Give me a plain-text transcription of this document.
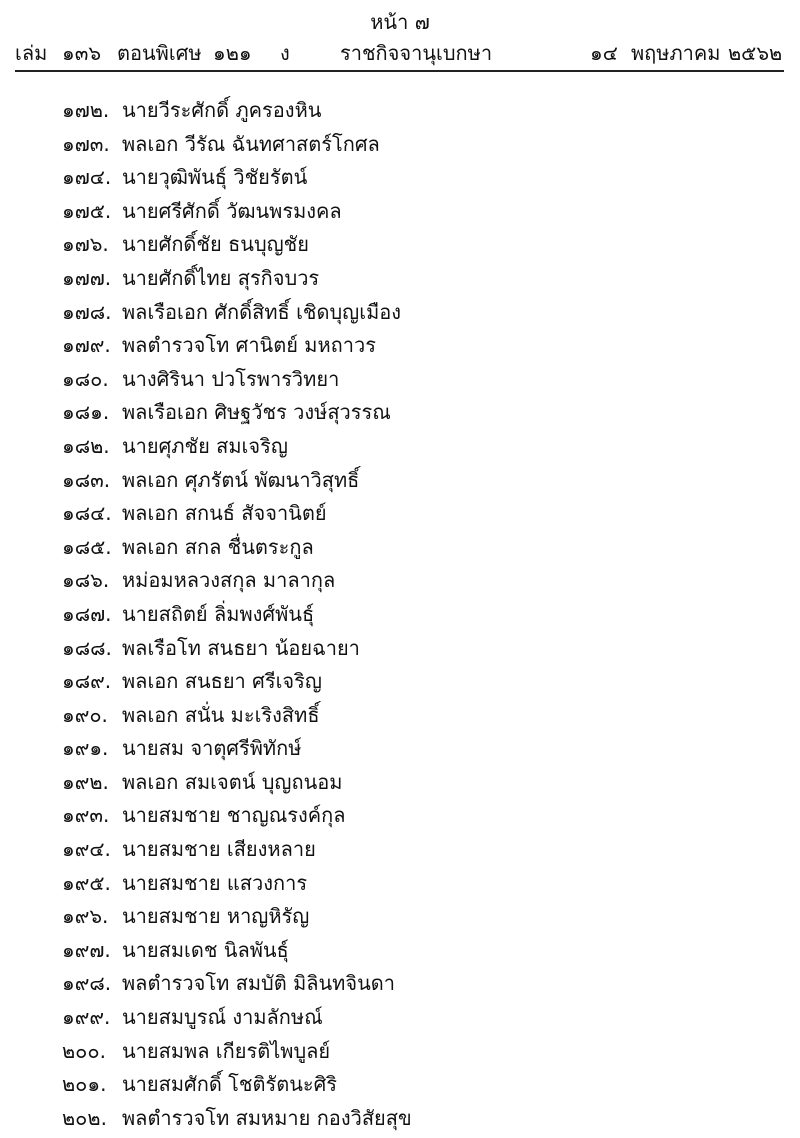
หน้า ๗
เล่ม ๑๓๖ ตอนพิเศษ ๑๒๑ ง	ราชกิจจานุเบกษา	๑๔ พฤษภาคม ๒๕๖๒
๑๗๒. นายวีระศักดิ์ ภูครองหิน
๑๗๓. พลเอก วีรัณ ฉันทศาสตร์โกศล
๑๗๔. นายวุฒิพันธุ์ วิชัยรัตน์
๑๗๕. นายศรีศักดิ์ วัฒนพรมงคล
๑๗๖. นายศักดิ์ชัย ธนบุญชัย
๑๗๗. นายศักดิ์ไทย สุรกิจบวร
๑๗๘. พลเรือเอก ศักดิ์สิทธิ์ เชิดบุญเมือง
๑๗๙. พลตำรวจโท ศานิตย์ มหถาวร
๑๘๐. นางศิรินา ปวโรพารวิทยา
๑๘๑. พลเรือเอก ศิษฐวัชร วงษ์สุวรรณ
๑๘๒. นายศุภชัย สมเจริญ
๑๘๓. พลเอก ศุภรัตน์ พัฒนาวิสุทธิ์
๑๘๔. พลเอก สกนธ์ สัจจานิตย์
๑๘๕. พลเอก สกล ชื่นตระกูล
๑๘๖. หม่อมหลวงสกุล มาลากุล
๑๘๗. นายสถิตย์ ลิ่มพงศ์พันธุ์
๑๘๘. พลเรือโท สนธยา น้อยฉายา
๑๘๙. พลเอก สนธยา ศรีเจริญ
๑๙๐. พลเอก สนั่น มะเริงสิทธิ์
๑๙๑. นายสม จาตุศรีพิทักษ์
๑๙๒. พลเอก สมเจตน์ บุญถนอม
๑๙๓. นายสมชาย ชาญณรงค์กุล
๑๙๔. นายสมชาย เสียงหลาย
๑๙๕. นายสมชาย แสวงการ
๑๙๖. นายสมชาย หาญหิรัญ
๑๙๗. นายสมเดช นิลพันธุ์
๑๙๘. พลตำรวจโท สมบัติ มิลินทจินดา
๑๙๙. นายสมบูรณ์ งามลักษณ์
๒๐๐. นายสมพล เกียรติไพบูลย์
๒๐๑. นายสมศักดิ์ โชติรัตนะศิริ
๒๐๒. พลตำรวจโท สมหมาย กองวิสัยสุข
